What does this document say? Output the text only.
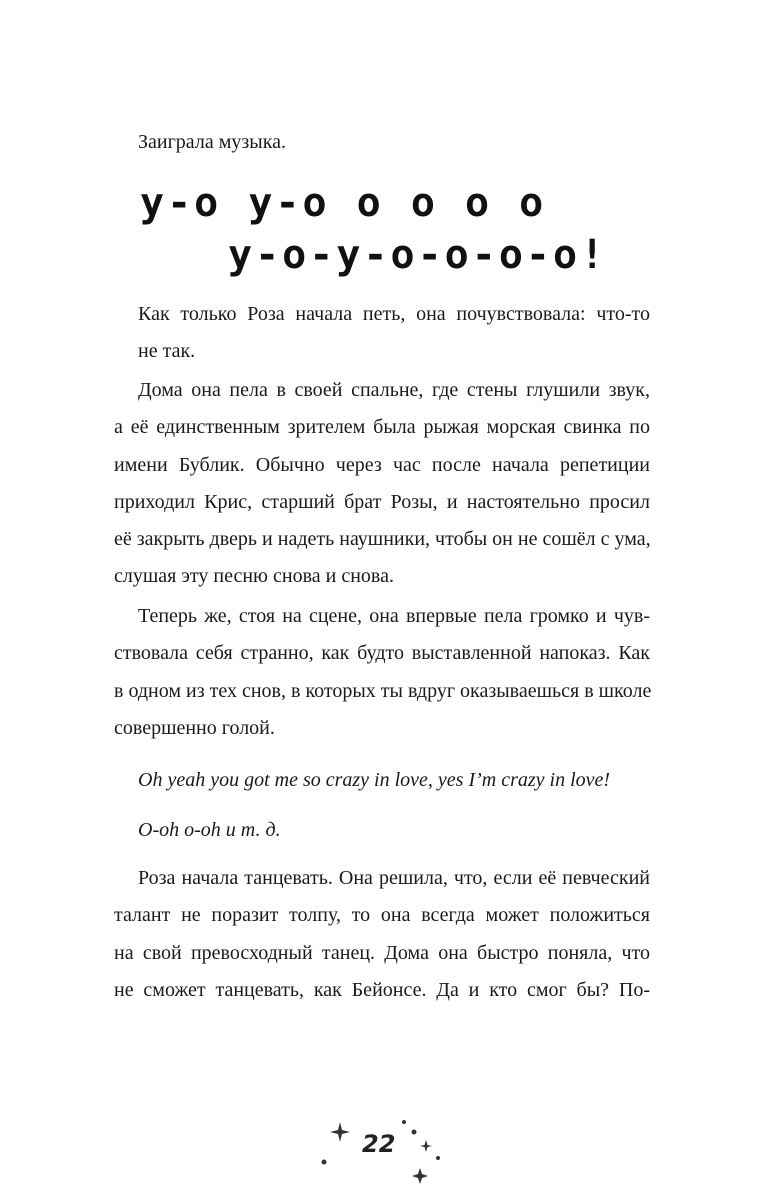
Заиграла музыка.

у-о у-о о о о о

у-о-у-о-о-о-о!

Как только Роза начала петь, она почувствовала: что-то
не так.
Дома она пела в своей спальне, где стены глушили звук,
а её единственным зрителем была рыжая морская свинка по
имени Бублик. Обычно через час после начала репетиции
приходил Крис, старший брат Розы, и настоятельно просил
её закрыть дверь и надеть наушники, чтобы он не сошёл с ума,
слушая эту песню снова и снова.
Теперь же, стоя на сцене, она впервые пела громко и чув-
ствовала себя странно, как будто выставленной напоказ. Как
в одном из тех снов, в которых ты вдруг оказываешься в школе
совершенно голой.

Oh yeah you got me so crazy in love, yes I’m crazy in love!

O-oh o-oh и т. д.

Роза начала танцевать. Она решила, что, если её певческий
талант не поразит толпу, то она всегда может положиться
на свой превосходный танец. Дома она быстро поняла, что
не сможет танцевать, как Бейонсе. Да и кто смог бы? По-
22
